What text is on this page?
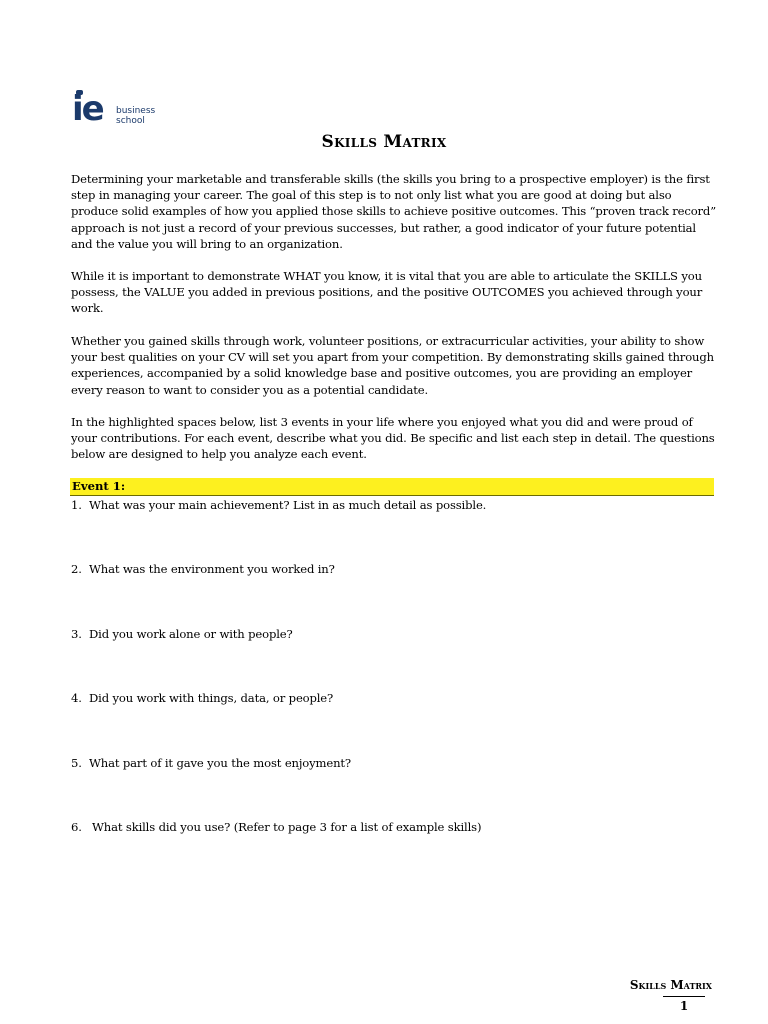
ie business
school
Skills Matrix

Determining your marketable and transferable skills (the skills you bring to a prospective employer) is the first step in managing your career. The goal of this step is to not only list what you are good at doing but also produce solid examples of how you applied those skills to achieve positive outcomes. This “proven track record” approach is not just a record of your previous successes, but rather, a good indicator of your future potential and the value you will bring to an organization.

While it is important to demonstrate WHAT you know, it is vital that you are able to articulate the SKILLS you possess, the VALUE you added in previous positions, and the positive OUTCOMES you achieved through your work.

Whether you gained skills through work, volunteer positions, or extracurricular activities, your ability to show your best qualities on your CV will set you apart from your competition. By demonstrating skills gained through experiences, accompanied by a solid knowledge base and positive outcomes, you are providing an employer every reason to want to consider you as a potential candidate.

In the highlighted spaces below, list 3 events in your life where you enjoyed what you did and were proud of your contributions. For each event, describe what you did. Be specific and list each step in detail. The questions below are designed to help you analyze each event.

Event 1:
1. What was your main achievement? List in as much detail as possible.
2. What was the environment you worked in?
3. Did you work alone or with people?
4. Did you work with things, data, or people?
5. What part of it gave you the most enjoyment?
6. What skills did you use? (Refer to page 3 for a list of example skills)
Skills Matrix
1
